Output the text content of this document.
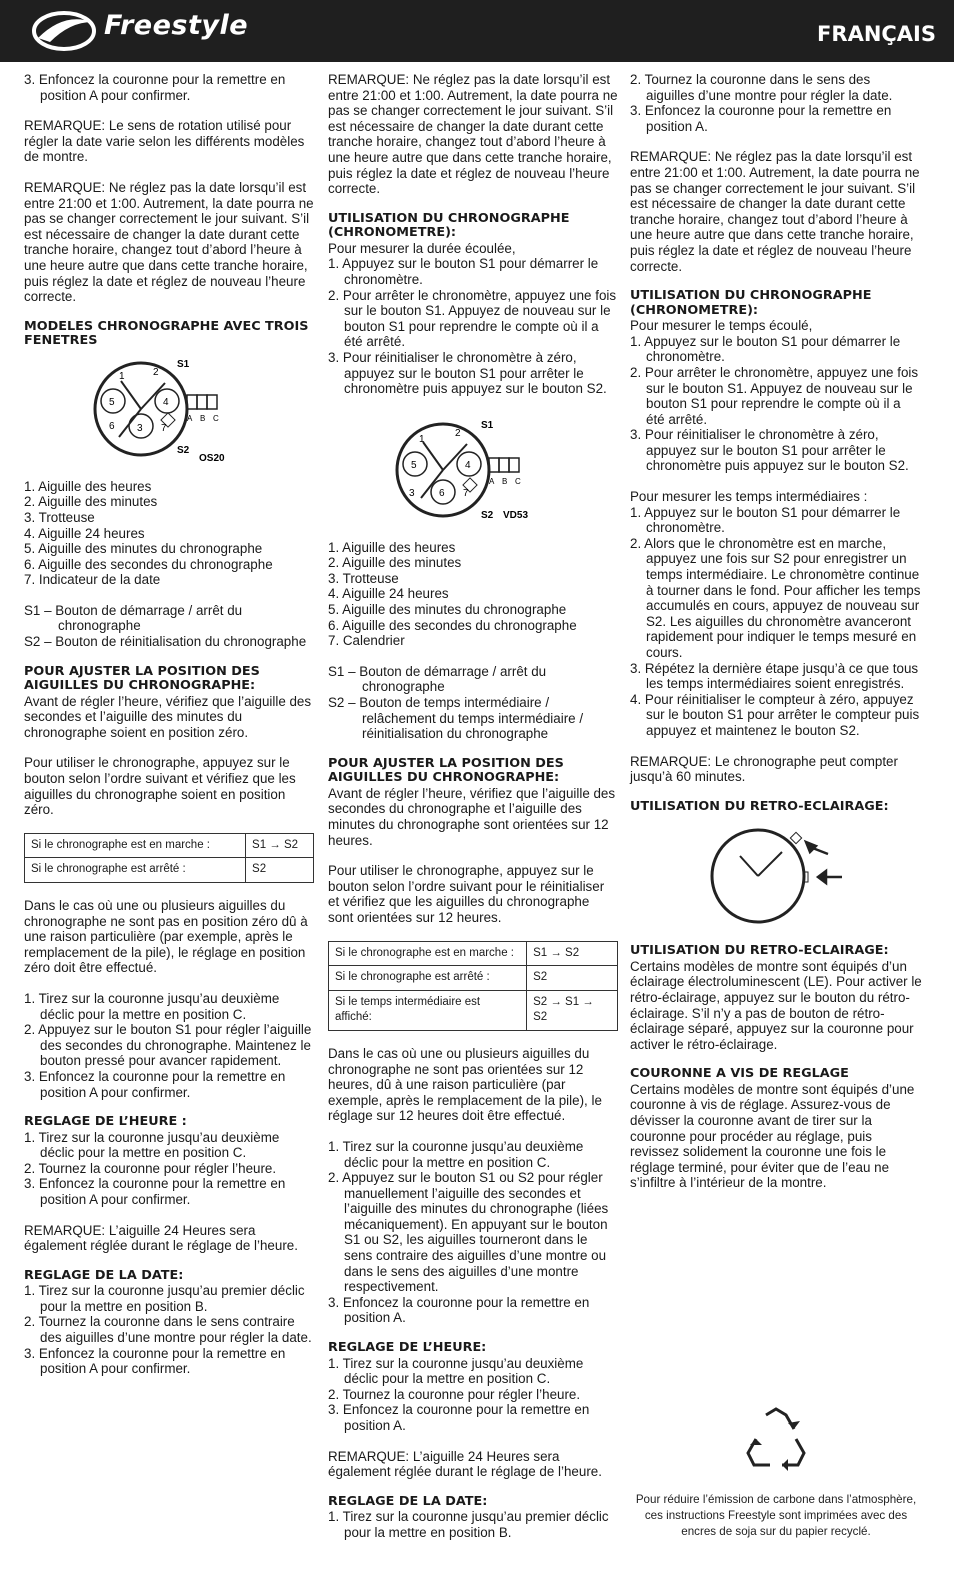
Freestyle	FRANÇAIS
3. Enfoncez la couronne pour la remettre en position A pour confirmer.

REMARQUE: Le sens de rotation utilisé pour régler la date varie selon les différents modèles de montre.

REMARQUE: Ne réglez pas la date lorsqu’il est entre 21:00 et 1:00. Autrement, la date pourra ne pas se changer correctement le jour suivant. S’il est nécessaire de changer la date durant cette tranche horaire, changez tout d’abord l’heure à une heure autre que dans cette tranche horaire, puis réglez la date et réglez de nouveau l’heure correcte.

MODELES CHRONOGRAPHE AVEC TROIS FENETRES
S1
S2
OS20
1	2
3
4
5
6	7
A B C
1. Aiguille des heures
2. Aiguille des minutes
3. Trotteuse
4. Aiguille 24 heures
5. Aiguille des minutes du chronographe
6. Aiguille des secondes du chronographe
7. Indicateur de la date
S1 – Bouton de démarrage / arrêt du chronographe
S2 – Bouton de réinitialisation du chronographe
POUR AJUSTER LA POSITION DES AIGUILLES DU CHRONOGRAPHE:

Avant de régler l’heure, vérifiez que l’aiguille des secondes et l’aiguille des minutes du chronographe soient en position zéro.

Pour utiliser le chronographe, appuyez sur le bouton selon l’ordre suivant et vérifiez que les aiguilles du chronographe soient en position zéro.

Si le chronographe est en marche :	S1 → S2
Si le chronographe est arrêté :	S2

Dans le cas où une ou plusieurs aiguilles du chronographe ne sont pas en position zéro dû à une raison particulière (par exemple, après le remplacement de la pile), le réglage en position zéro doit être effectué.

1. Tirez sur la couronne jusqu’au deuxième déclic pour la mettre en position C.
2. Appuyez sur le bouton S1 pour régler l’aiguille des secondes du chronographe. Maintenez le bouton pressé pour avancer rapidement.
3. Enfoncez la couronne pour la remettre en position A pour confirmer.
REGLAGE DE L’HEURE :
1. Tirez sur la couronne jusqu’au deuxième déclic pour la mettre en position C.
2. Tournez la couronne pour régler l’heure.
3. Enfoncez la couronne pour la remettre en position A pour confirmer.

REMARQUE: L’aiguille 24 Heures sera également réglée durant le réglage de l’heure.

REGLAGE DE LA DATE:
1. Tirez sur la couronne jusqu’au premier déclic pour la mettre en position B.
2. Tournez la couronne dans le sens contraire des aiguilles d’une montre pour régler la date.
3. Enfoncez la couronne pour la remettre en position A pour confirmer.

REMARQUE: Ne réglez pas la date lorsqu’il est entre 21:00 et 1:00. Autrement, la date pourra ne pas se changer correctement le jour suivant. S’il est nécessaire de changer la date durant cette tranche horaire, changez tout d’abord l’heure à une heure autre que dans cette tranche horaire, puis réglez la date et réglez de nouveau l’heure correcte.

UTILISATION DU CHRONOGRAPHE (CHRONOMETRE):
Pour mesurer la durée écoulée,
1. Appuyez sur le bouton S1 pour démarrer le chronomètre.
2. Pour arrêter le chronomètre, appuyez une fois sur le bouton S1. Appuyez de nouveau sur le bouton S1 pour reprendre le compte où il a été arrêté.
3. Pour réinitialiser le chronomètre à zéro, appuyez sur le bouton S1 pour arrêter le chronomètre puis appuyez sur le bouton S2.
S1
S2 VD53
1
2
3
4
5
6 7
A B C
1. Aiguille des heures
2. Aiguille des minutes
3. Trotteuse
4. Aiguille 24 heures
5. Aiguille des minutes du chronographe
6. Aiguille des secondes du chronographe
7. Calendrier
S1 – Bouton de démarrage / arrêt du chronographe
S2 – Bouton de temps intermédiaire / relâchement du temps intermédiaire / réinitialisation du chronographe
POUR AJUSTER LA POSITION DES AIGUILLES DU CHRONOGRAPHE:

Avant de régler l’heure, vérifiez que l’aiguille des secondes du chronographe et l’aiguille des minutes du chronographe sont orientées sur 12 heures.

Pour utiliser le chronographe, appuyez sur le bouton selon l’ordre suivant pour le réinitialiser et vérifiez que les aiguilles du chronographe sont orientées sur 12 heures.

Si le chronographe est en marche :	S1 → S2
Si le chronographe est arrêté :	S2
Si le temps intermédiaire est affiché:	S2 → S1 → S2

Dans le cas où une ou plusieurs aiguilles du chronographe ne sont pas orientées sur 12 heures, dû à une raison particulière (par exemple, après le remplacement de la pile), le réglage sur 12 heures doit être effectué.

1. Tirez sur la couronne jusqu’au deuxième déclic pour la mettre en position C.
2. Appuyez sur le bouton S1 ou S2 pour régler manuellement l’aiguille des secondes et l’aiguille des minutes du chronographe (liées mécaniquement). En appuyant sur le bouton S1 ou S2, les aiguilles tourneront dans le sens contraire des aiguilles d’une montre ou dans le sens des aiguilles d’une montre respectivement.
3. Enfoncez la couronne pour la remettre en position A.
REGLAGE DE L’HEURE:
1. Tirez sur la couronne jusqu’au deuxième déclic pour la mettre en position C.
2. Tournez la couronne pour régler l’heure.
3. Enfoncez la couronne pour la remettre en position A.

REMARQUE: L’aiguille 24 Heures sera également réglée durant le réglage de l’heure.

REGLAGE DE LA DATE:
1. Tirez sur la couronne jusqu’au premier déclic pour la mettre en position B.
2. Tournez la couronne dans le sens des aiguilles d’une montre pour régler la date.
3. Enfoncez la couronne pour la remettre en position A.

REMARQUE: Ne réglez pas la date lorsqu’il est entre 21:00 et 1:00. Autrement, la date pourra ne pas se changer correctement le jour suivant. S’il est nécessaire de changer la date durant cette tranche horaire, changez tout d’abord l’heure à une heure autre que dans cette tranche horaire, puis réglez la date et réglez de nouveau l’heure correcte.

UTILISATION DU CHRONOGRAPHE (CHRONOMETRE):
Pour mesurer le temps écoulé,
1. Appuyez sur le bouton S1 pour démarrer le chronomètre.
2. Pour arrêter le chronomètre, appuyez une fois sur le bouton S1. Appuyez de nouveau sur le bouton S1 pour reprendre le compte où il a été arrêté.
3. Pour réinitialiser le chronomètre à zéro, appuyez sur le bouton S1 pour arrêter le chronomètre puis appuyez sur le bouton S2.
Pour mesurer les temps intermédiaires :
1. Appuyez sur le bouton S1 pour démarrer le chronomètre.
2. Alors que le chronomètre est en marche, appuyez une fois sur S2 pour enregistrer un temps intermédiaire. Le chronomètre continue à tourner dans le fond. Pour afficher les temps accumulés en cours, appuyez de nouveau sur S2. Les aiguilles du chronomètre avanceront rapidement pour indiquer le temps mesuré en cours.
3. Répétez la dernière étape jusqu’à ce que tous les temps intermédiaires soient enregistrés.
4. Pour réinitialiser le compteur à zéro, appuyez sur le bouton S1 pour arrêter le compteur puis appuyez et maintenez le bouton S2.

REMARQUE: Le chronographe peut compter jusqu’à 60 minutes.

UTILISATION DU RETRO-ECLAIRAGE:
UTILISATION DU RETRO-ECLAIRAGE:

Certains modèles de montre sont équipés d’un éclairage électroluminescent (LE). Pour activer le rétro-éclairage, appuyez sur le bouton du rétro-éclairage. S’il n’y a pas de bouton de rétro-éclairage séparé, appuyez sur la couronne pour activer le rétro-éclairage.

COURONNE A VIS DE REGLAGE

Certains modèles de montre sont équipés d’une couronne à vis de réglage. Assurez-vous de dévisser la couronne avant de tirer sur la couronne pour procéder au réglage, puis revissez solidement la couronne une fois le réglage terminé, pour éviter que de l’eau ne s’infiltre à l’intérieur de la montre.

Pour réduire l’émission de carbone dans l’atmosphère, ces instructions Freestyle sont imprimées avec des encres de soja sur du papier recyclé.
